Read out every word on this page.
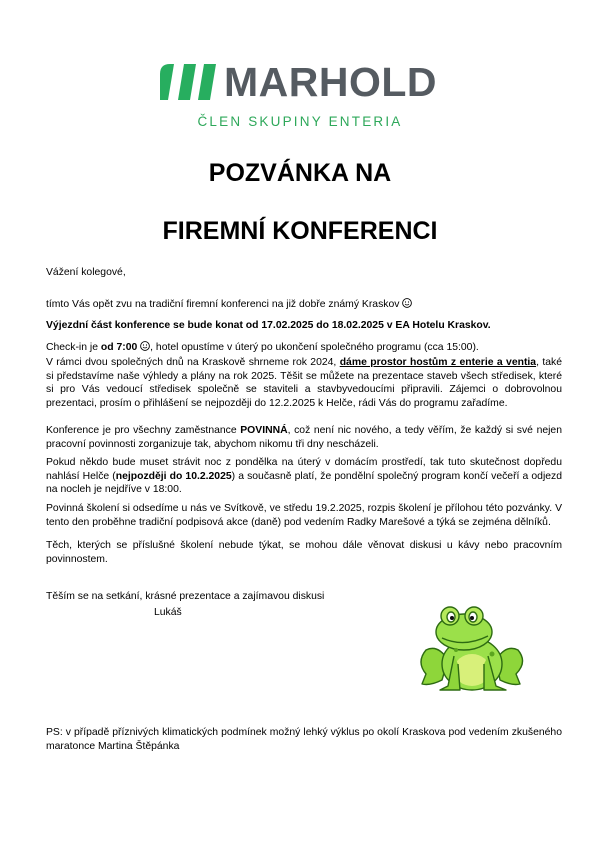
MARHOLD
ČLEN SKUPINY ENTERIA
POZVÁNKA NA
FIREMNÍ KONFERENCI
Vážení kolegové,
tímto Vás opět zvu na tradiční firemní konferenci na již dobře známý Kraskov
Výjezdní část konference se bude konat od 17.02.2025 do 18.02.2025 v EA Hotelu Kraskov.
Check-in je od 7:00 , hotel opustíme v úterý po ukončení společného programu (cca 15:00).
V rámci dvou společných dnů na Kraskově shrneme rok 2024, dáme prostor hostům z enterie a ventia, také si představíme naše výhledy a plány na rok 2025. Těšit se můžete na prezentace staveb všech středisek, které si pro Vás vedoucí středisek společně se staviteli a stavbyvedoucími připravili. Zájemci o dobrovolnou prezentaci, prosím o přihlášení se nejpozději do 12.2.2025 k Helče, rádi Vás do programu zařadíme.
Konference je pro všechny zaměstnance POVINNÁ, což není nic nového, a tedy věřím, že každý si své nejen pracovní povinnosti zorganizuje tak, abychom nikomu tři dny nescházeli.
Pokud někdo bude muset strávit noc z pondělka na úterý v domácím prostředí, tak tuto skutečnost dopředu nahlásí Helče (nejpozději do 10.2.2025) a současně platí, že pondělní společný program končí večeří a odjezd na nocleh je nejdříve v 18:00.
Povinná školení si odsedíme u nás ve Svítkově, ve středu 19.2.2025, rozpis školení je přílohou této pozvánky. V tento den proběhne tradiční podpisová akce (daně) pod vedením Radky Marešové a týká se zejména dělníků.
Těch, kterých se příslušné školení nebude týkat, se mohou dále věnovat diskusi u kávy nebo pracovním povinnostem.
Těším se na setkání, krásné prezentace a zajímavou diskusi
Lukáš
PS: v případě příznivých klimatických podmínek možný lehký výklus po okolí Kraskova pod vedením zkušeného maratonce Martina Štěpánka
